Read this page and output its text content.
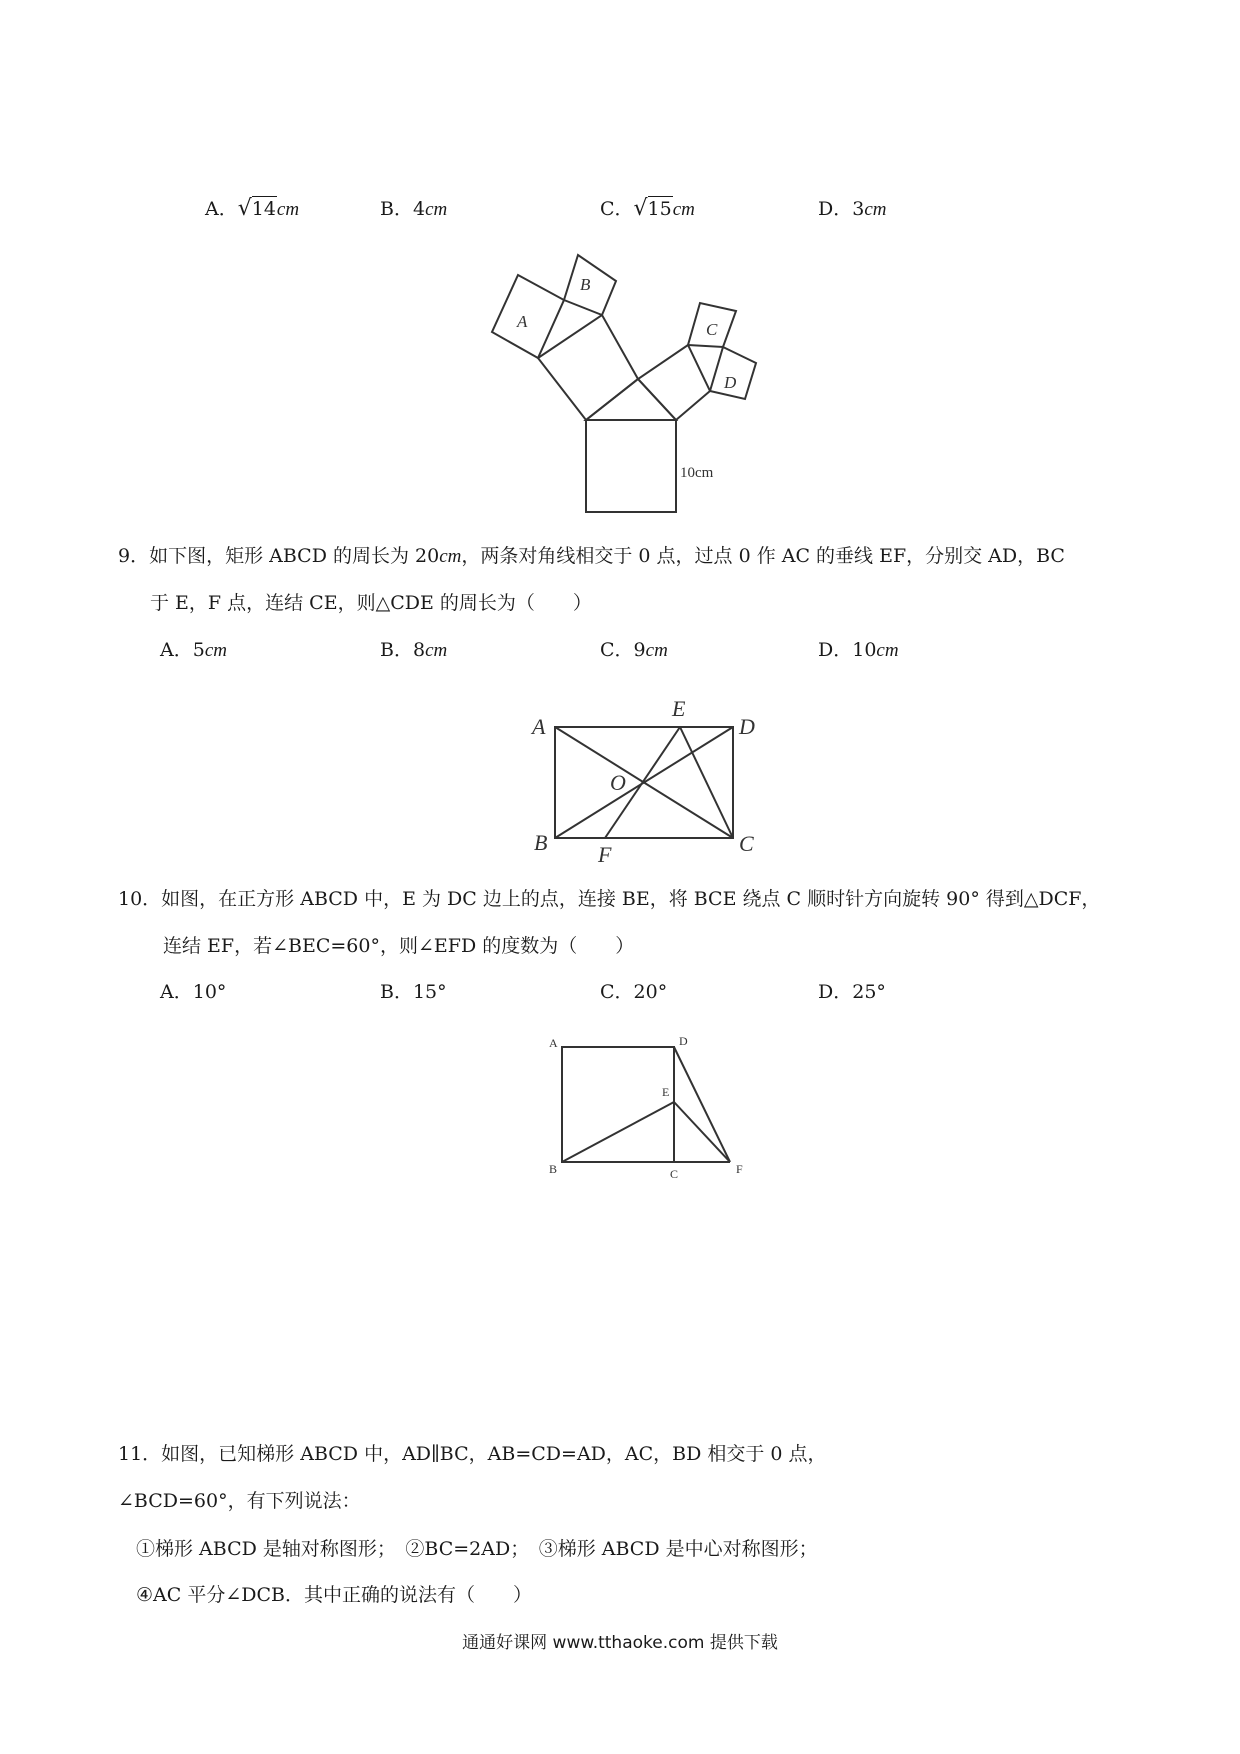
A． √ 14cm	B．4cm	C． √ 15cm	D．3cm
A
B
C
D
10cm
9．如下图，矩形 ABCD 的周长为 20cm，两条对角线相交于 0 点，过点 0 作 AC 的垂线 EF，分别交 AD，BC
于 E，F 点，连结 CE，则△CDE 的周长为（　　）
A．5cm	B．8cm	C．9cm	D．10cm
A
B	C
D
E
F
O
10．如图，在正方形 ABCD 中，E 为 DC 边上的点，连接 BE，将 BCE 绕点 C 顺时针方向旋转 90° 得到△DCF，
连结 EF，若∠BEC=60°，则∠EFD 的度数为（　　）
A．10°	B．15°	C．20°	D．25°
A
B	C
D
E
F
11．如图，已知梯形 ABCD 中，AD∥BC，AB=CD=AD，AC，BD 相交于 0 点，
∠BCD=60°，有下列说法：
①梯形 ABCD 是轴对称图形；　②BC=2AD；　③梯形 ABCD 是中心对称图形；
④AC 平分∠DCB．其中正确的说法有（　　）
通通好课网 www.tthaoke.com 提供下载
